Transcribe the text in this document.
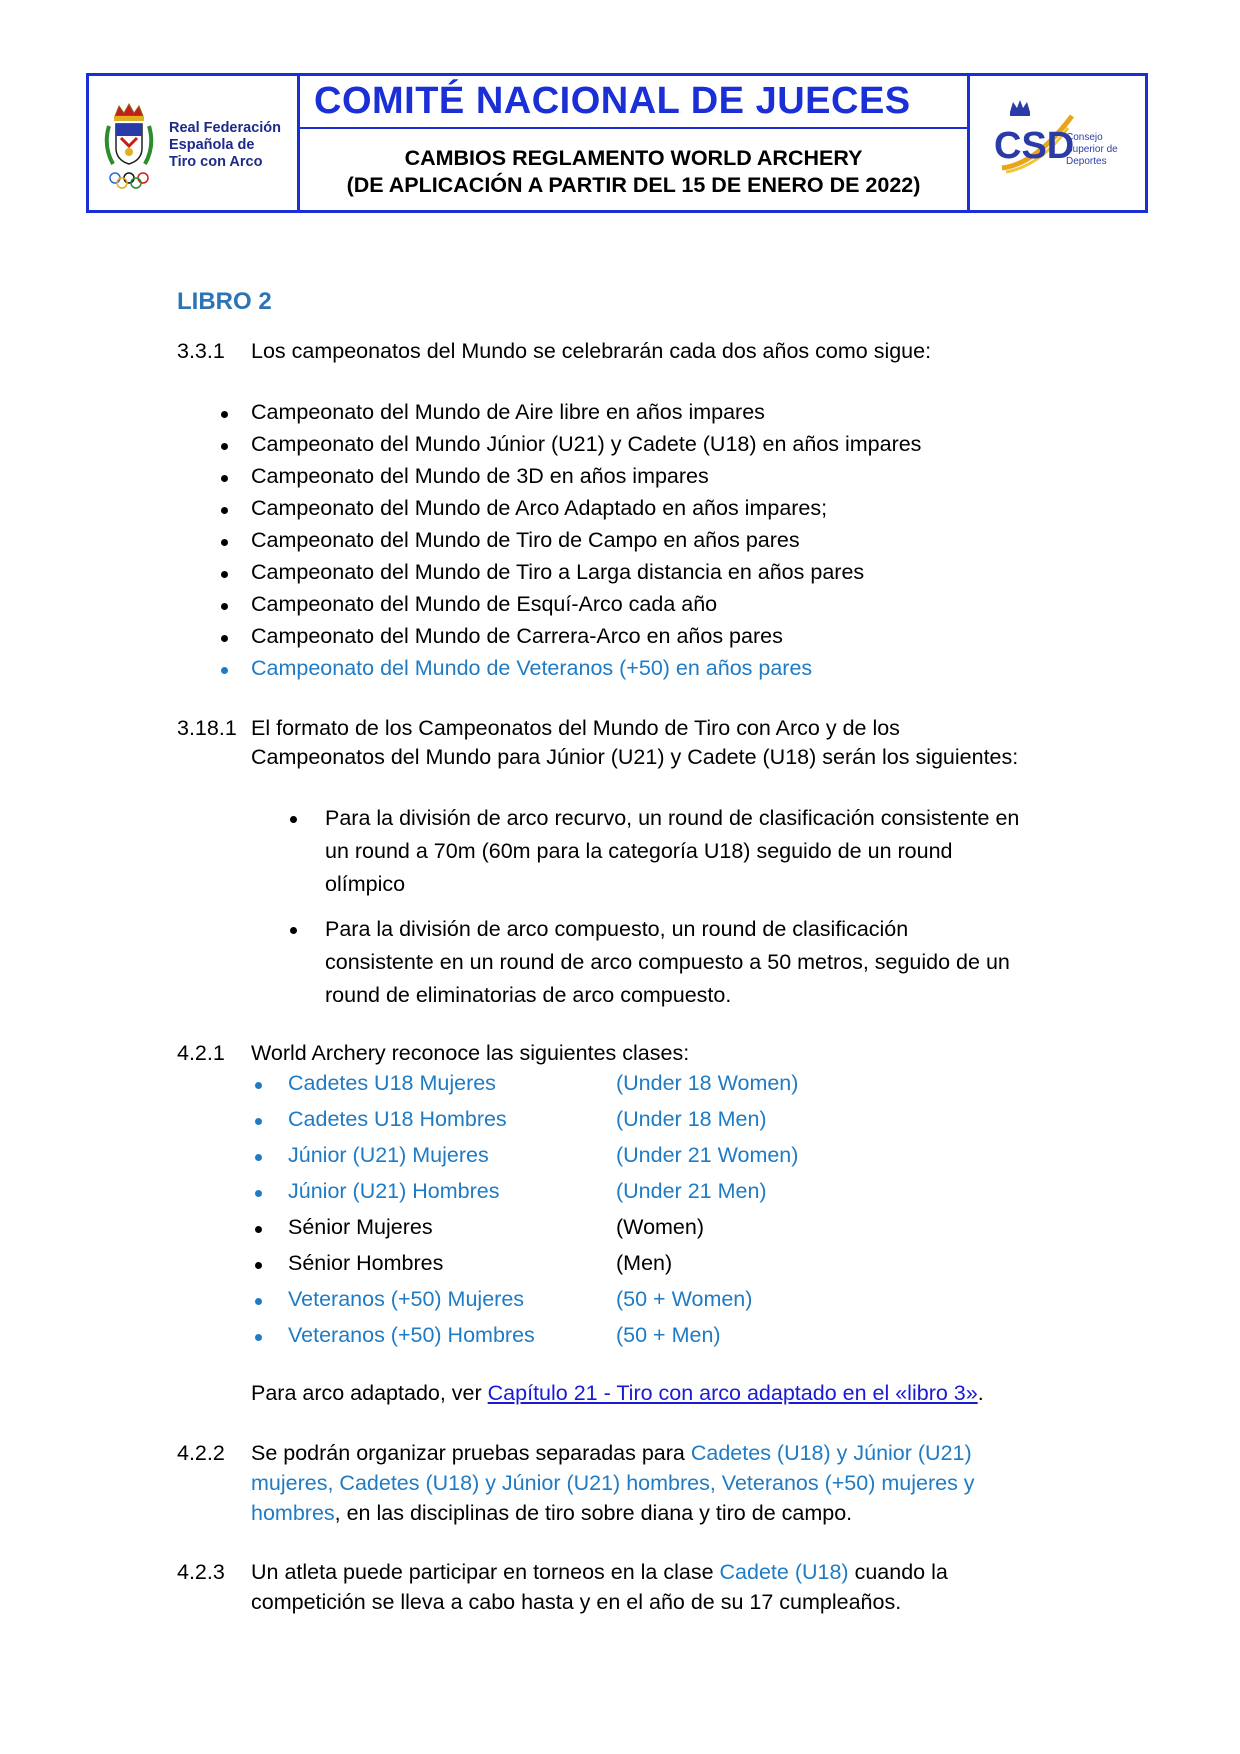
Real Federación
Española de
Tiro con Arco
COMITÉ NACIONAL DE JUECES
CAMBIOS REGLAMENTO WORLD ARCHERY
(DE APLICACIÓN A PARTIR DEL 15 DE ENERO DE 2022)
CSD
Consejo
Superior de
Deportes
LIBRO 2
3.3.1 Los campeonatos del Mundo se celebrarán cada dos años como sigue:
Campeonato del Mundo de Aire libre en años impares
Campeonato del Mundo Júnior (U21) y Cadete (U18) en años impares
Campeonato del Mundo de 3D en años impares
Campeonato del Mundo de Arco Adaptado en años impares;
Campeonato del Mundo de Tiro de Campo en años pares
Campeonato del Mundo de Tiro a Larga distancia en años pares
Campeonato del Mundo de Esquí-Arco cada año
Campeonato del Mundo de Carrera-Arco en años pares
Campeonato del Mundo de Veteranos (+50) en años pares
3.18.1 El formato de los Campeonatos del Mundo de Tiro con Arco y de los
Campeonatos del Mundo para Júnior (U21) y Cadete (U18) serán los siguientes:
Para la división de arco recurvo, un round de clasificación consistente en
un round a 70m (60m para la categoría U18) seguido de un round
olímpico
Para la división de arco compuesto, un round de clasificación
consistente en un round de arco compuesto a 50 metros, seguido de un
round de eliminatorias de arco compuesto.
4.2.1 World Archery reconoce las siguientes clases:
Cadetes U18 Mujeres	(Under 18 Women)
Cadetes U18 Hombres	(Under 18 Men)
Júnior (U21) Mujeres	(Under 21 Women)
Júnior (U21) Hombres	(Under 21 Men)
Sénior Mujeres	(Women)
Sénior Hombres	(Men)
Veteranos (+50) Mujeres	(50 + Women)
Veteranos (+50) Hombres	(50 + Men)
Para arco adaptado, ver Capítulo 21 - Tiro con arco adaptado en el «libro 3».
4.2.2 Se podrán organizar pruebas separadas para Cadetes (U18) y Júnior (U21)
mujeres, Cadetes (U18) y Júnior (U21) hombres, Veteranos (+50) mujeres y
hombres, en las disciplinas de tiro sobre diana y tiro de campo.
4.2.3 Un atleta puede participar en torneos en la clase Cadete (U18) cuando la
competición se lleva a cabo hasta y en el año de su 17 cumpleaños.
